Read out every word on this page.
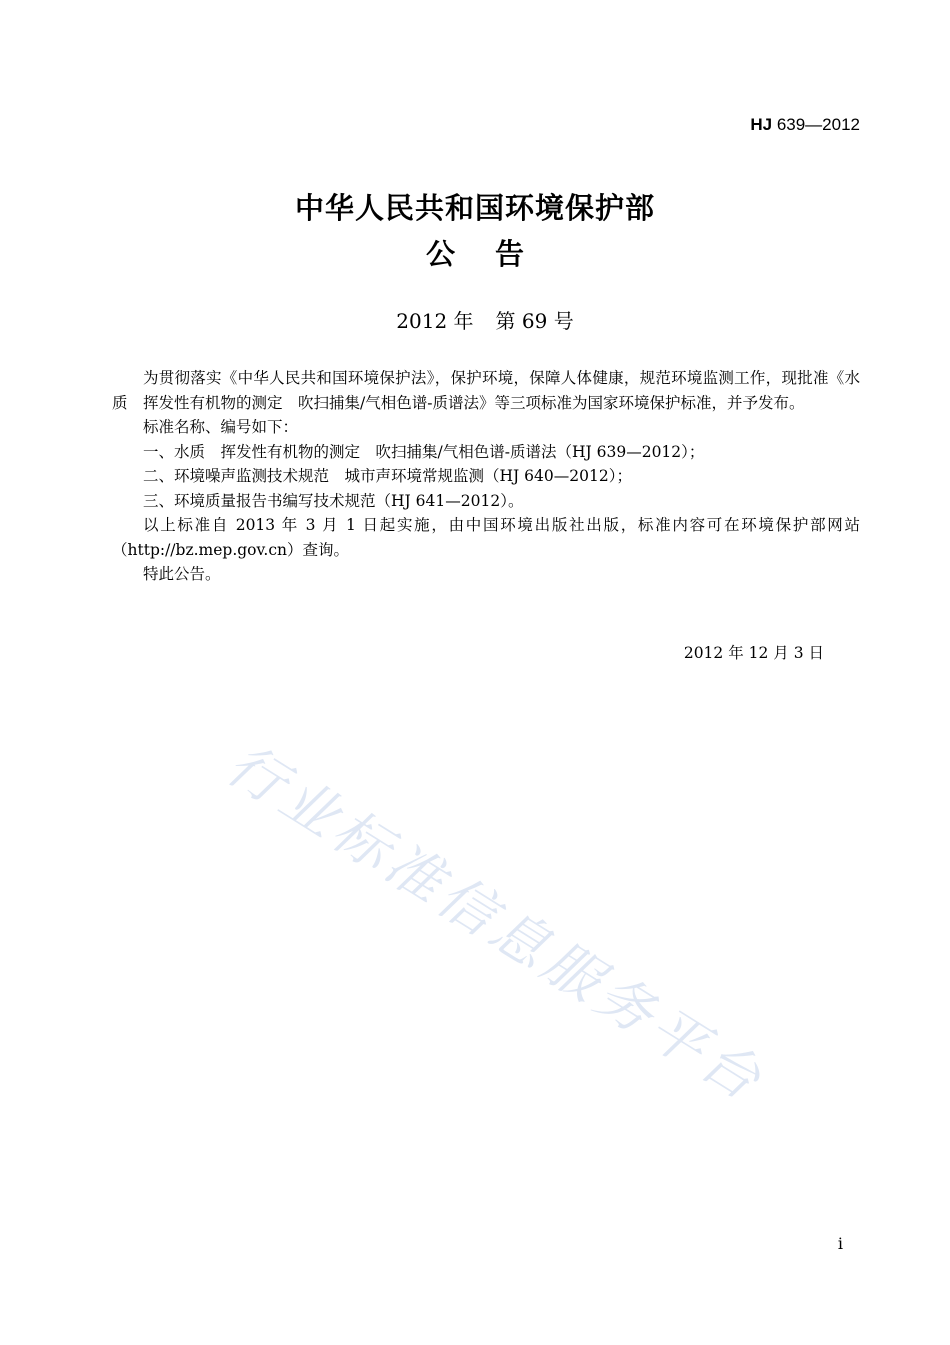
HJ 639—2012
中华人民共和国环境保护部
公 告
2012 年 第 69 号

为贯彻落实《中华人民共和国环境保护法》，保护环境，保障人体健康，规范环境监测工作，现批准《水质　挥发性有机物的测定　吹扫捕集/气相色谱-质谱法》等三项标准为国家环境保护标准，并予发布。

标准名称、编号如下：

一、水质　挥发性有机物的测定　吹扫捕集/气相色谱-质谱法（HJ 639—2012）；

二、环境噪声监测技术规范　城市声环境常规监测（HJ 640—2012）；

三、环境质量报告书编写技术规范（HJ 641—2012）。

以上标准自 2013 年 3 月 1 日起实施，由中国环境出版社出版，标准内容可在环境保护部网站（http://bz.mep.gov.cn）查询。

特此公告。

2012 年 12 月 3 日
行业标准信息服务平台
i
